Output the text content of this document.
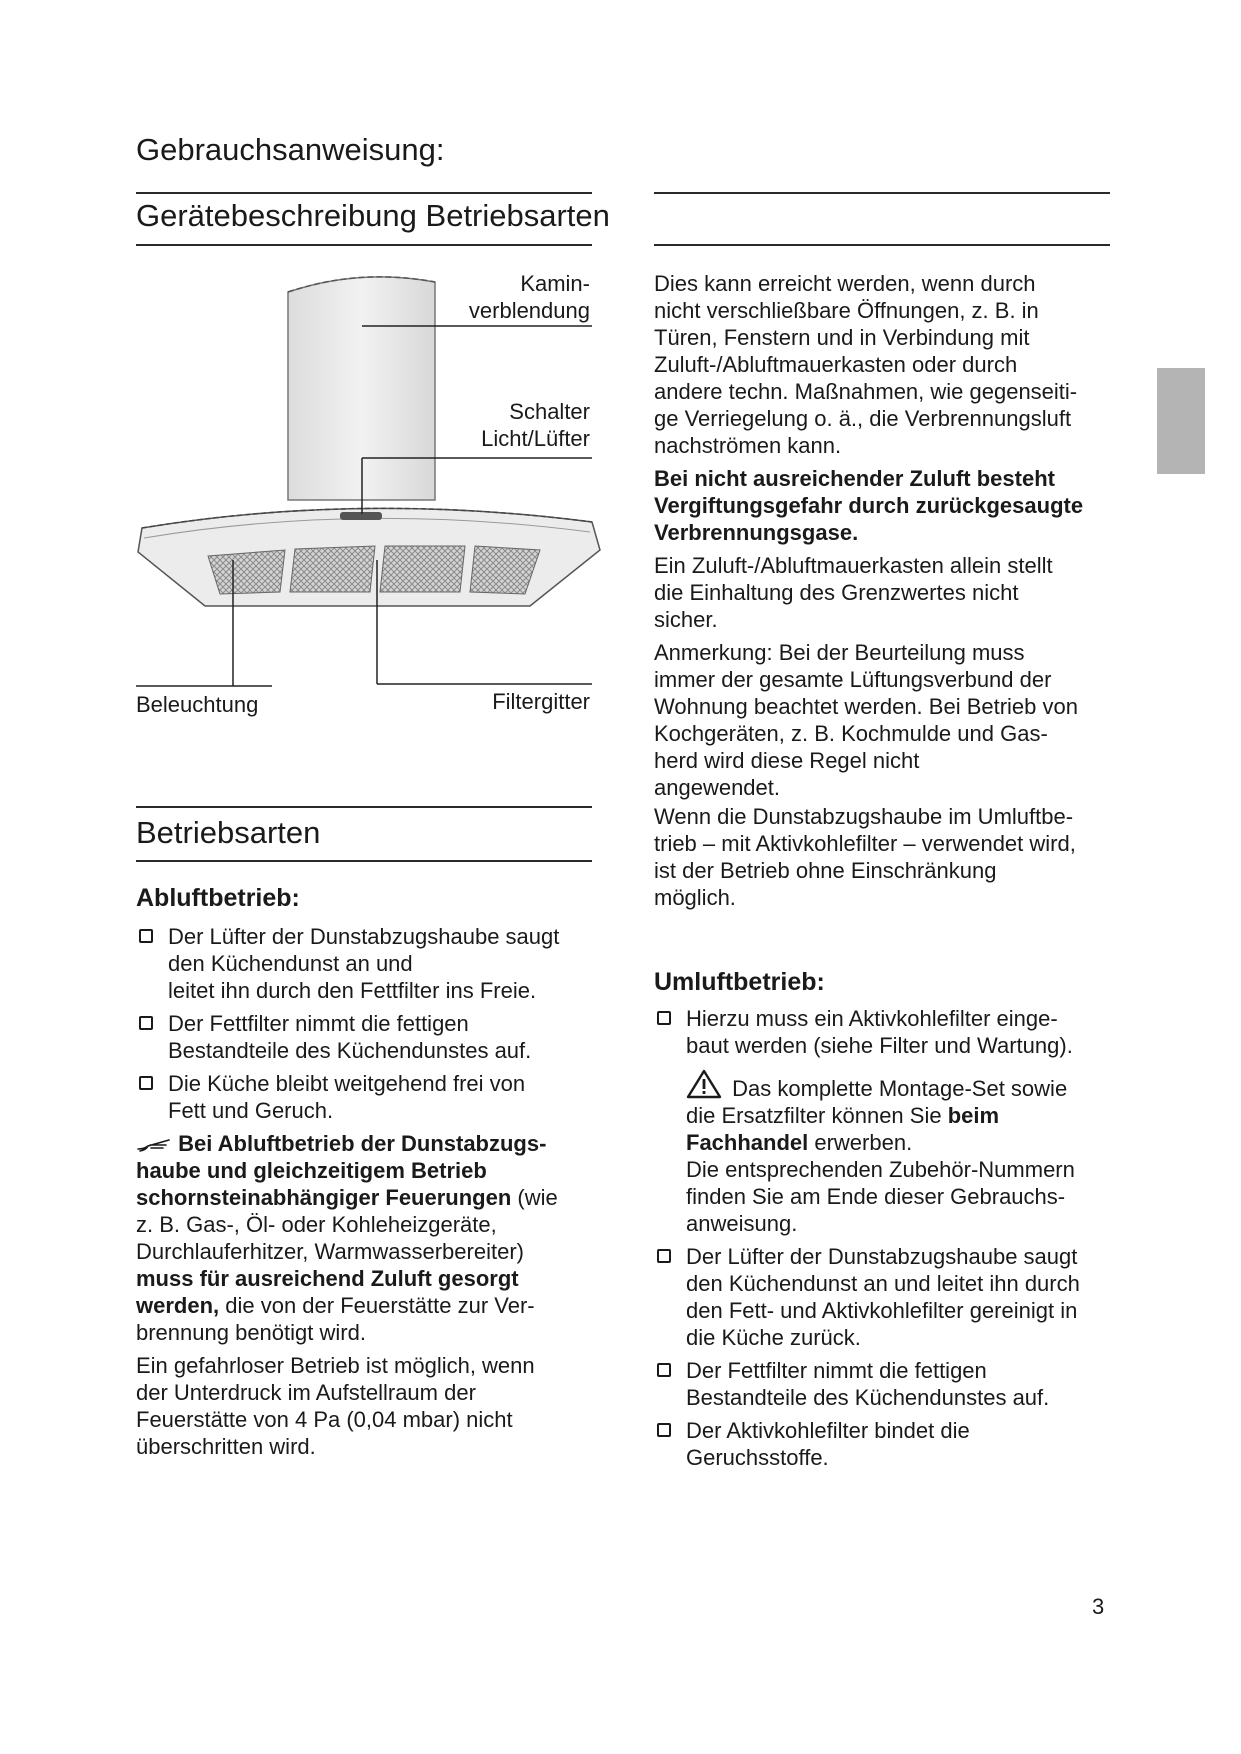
Gebrauchsanweisung:
Gerätebeschreibung Betriebsarten
Kamin-
verblendung
Schalter
Licht/Lüfter
Beleuchtung	Filtergitter
Betriebsarten
Abluftbetrieb:
Der Lüfter der Dunstabzugshaube saugt
den Küchendunst an und
leitet ihn durch den Fettfilter ins Freie.
Der Fettfilter nimmt die fettigen
Bestandteile des Küchendunstes auf.
Die Küche bleibt weitgehend frei von
Fett und Geruch.
Bei Abluftbetrieb der Dunstabzugs-
haube und gleichzeitigem Betrieb
schornsteinabhängiger Feuerungen (wie
z. B. Gas-, Öl- oder Kohleheizgeräte,
Durchlauferhitzer, Warmwasserbereiter)
muss für ausreichend Zuluft gesorgt
werden, die von der Feuerstätte zur Ver-
brennung benötigt wird.
Ein gefahrloser Betrieb ist möglich, wenn
der Unterdruck im Aufstellraum der
Feuerstätte von 4 Pa (0,04 mbar) nicht
überschritten wird.
Dies kann erreicht werden, wenn durch
nicht verschließbare Öffnungen, z. B. in
Türen, Fenstern und in Verbindung mit
Zuluft-/Abluftmauerkasten oder durch
andere techn. Maßnahmen, wie gegenseiti-
ge Verriegelung o. ä., die Verbrennungsluft
nachströmen kann.
Bei nicht ausreichender Zuluft besteht
Vergiftungsgefahr durch zurückgesaugte
Verbrennungsgase.
Ein Zuluft-/Abluftmauerkasten allein stellt
die Einhaltung des Grenzwertes nicht
sicher.
Anmerkung: Bei der Beurteilung muss
immer der gesamte Lüftungsverbund der
Wohnung beachtet werden. Bei Betrieb von
Kochgeräten, z. B. Kochmulde und Gas-
herd wird diese Regel nicht
angewendet.
Wenn die Dunstabzugshaube im Umluftbe-
trieb – mit Aktivkohlefilter – verwendet wird,
ist der Betrieb ohne Einschränkung
möglich.
Umluftbetrieb:
Hierzu muss ein Aktivkohlefilter einge-
baut werden (siehe Filter und Wartung).
Das komplette Montage-Set sowie
die Ersatzfilter können Sie beim
Fachhandel erwerben.
Die entsprechenden Zubehör-Nummern
finden Sie am Ende dieser Gebrauchs-
anweisung.
Der Lüfter der Dunstabzugshaube saugt
den Küchendunst an und leitet ihn durch
den Fett- und Aktivkohlefilter gereinigt in
die Küche zurück.
Der Fettfilter nimmt die fettigen
Bestandteile des Küchendunstes auf.
Der Aktivkohlefilter bindet die
Geruchsstoffe.
3
